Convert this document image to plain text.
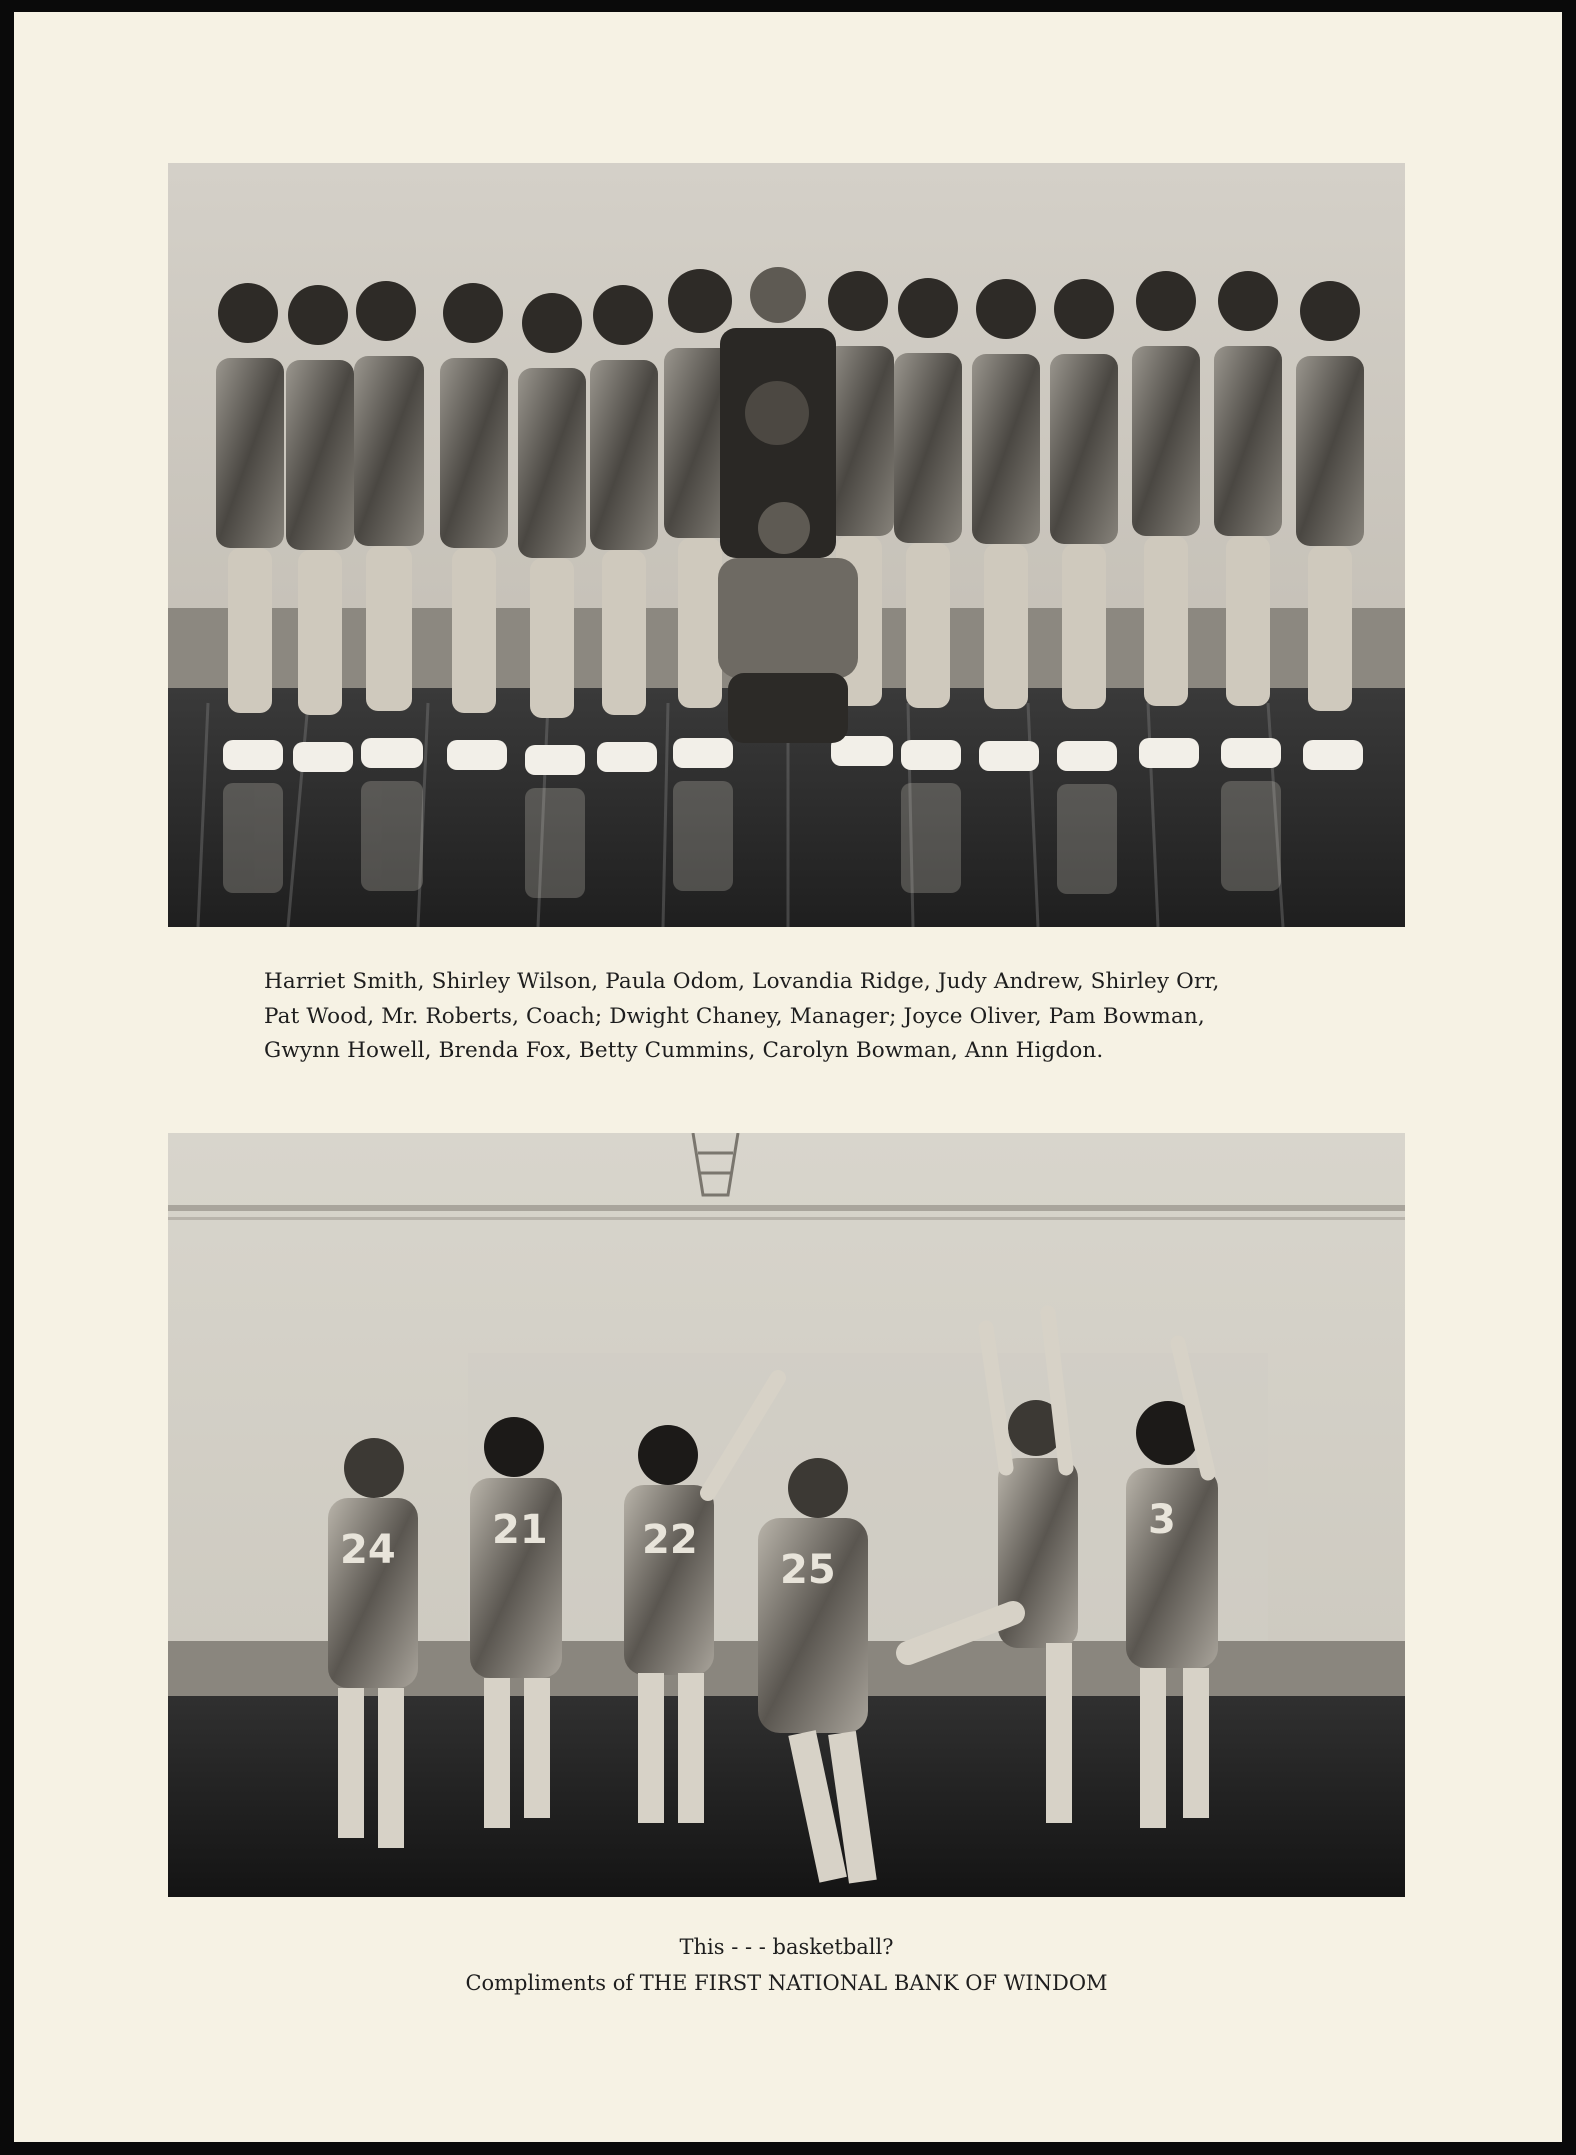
Harriet Smith, Shirley Wilson, Paula Odom, Lovandia Ridge, Judy Andrew, Shirley Orr,
Pat Wood, Mr. Roberts, Coach; Dwight Chaney, Manager; Joyce Oliver, Pam Bowman,
Gwynn Howell, Brenda Fox, Betty Cummins, Carolyn Bowman, Ann Higdon.
24 21 22
25
3
This - - - basketball?
Compliments of THE FIRST NATIONAL BANK OF WINDOM
